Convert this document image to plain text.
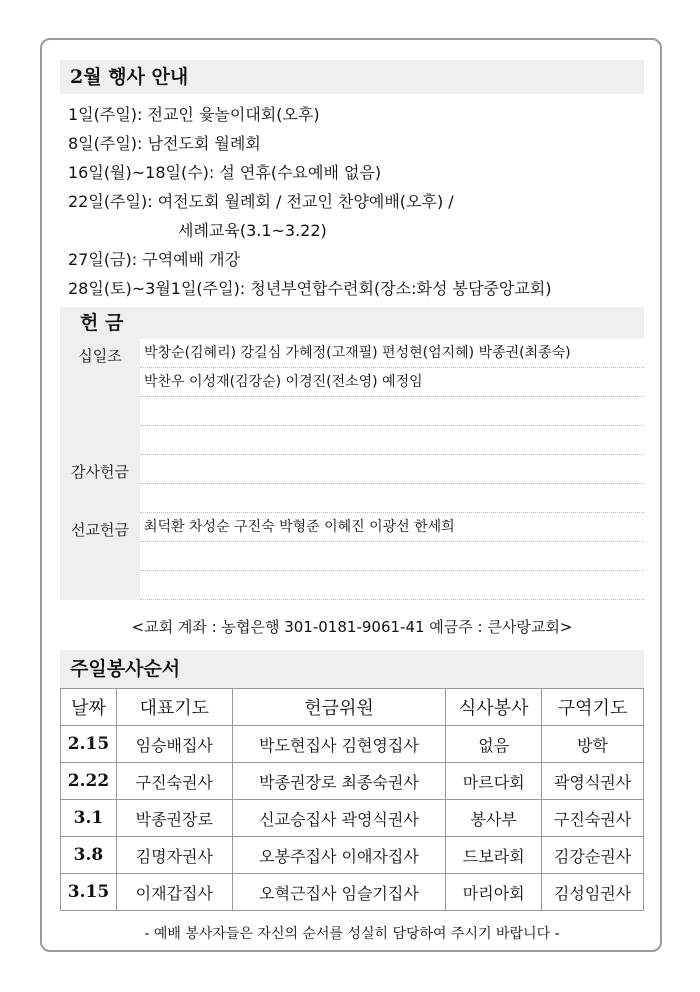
2월 행사 안내
1일(주일): 전교인 윷놀이대회(오후)
8일(주일): 남전도회 월례회
16일(월)~18일(수): 설 연휴(수요예배 없음)
22일(주일): 여전도회 월례회 / 전교인 찬양예배(오후) /
세례교육(3.1~3.22)
27일(금): 구역예배 개강
28일(토)~3월1일(주일): 청년부연합수련회(장소:화성 봉담중앙교회)
헌 금
십일조	박창순(김혜리) 강길심 가혜정(고재필) 편성현(엄지혜) 박종권(최종숙)
박찬우 이성재(김강순) 이경진(전소영) 예정임
감사헌금
선교헌금	최덕환 차성순 구진숙 박형준 이혜진 이광선 한세희
<교회 계좌 : 농협은행 301-0181-9061-41 예금주 : 큰사랑교회>
주일봉사순서
날짜	대표기도	헌금위원	식사봉사	구역기도
2.15	임승배집사	박도현집사 김현영집사	없음	방학
2.22	구진숙권사	박종권장로 최종숙권사	마르다회	곽영식권사
3.1	박종권장로	신교승집사 곽영식권사	봉사부	구진숙권사
3.8	김명자권사	오봉주집사 이애자집사	드보라회	김강순권사
3.15	이재갑집사	오혁근집사 임슬기집사	마리아회	김성임권사
- 예배 봉사자들은 자신의 순서를 성실히 담당하여 주시기 바랍니다 -
